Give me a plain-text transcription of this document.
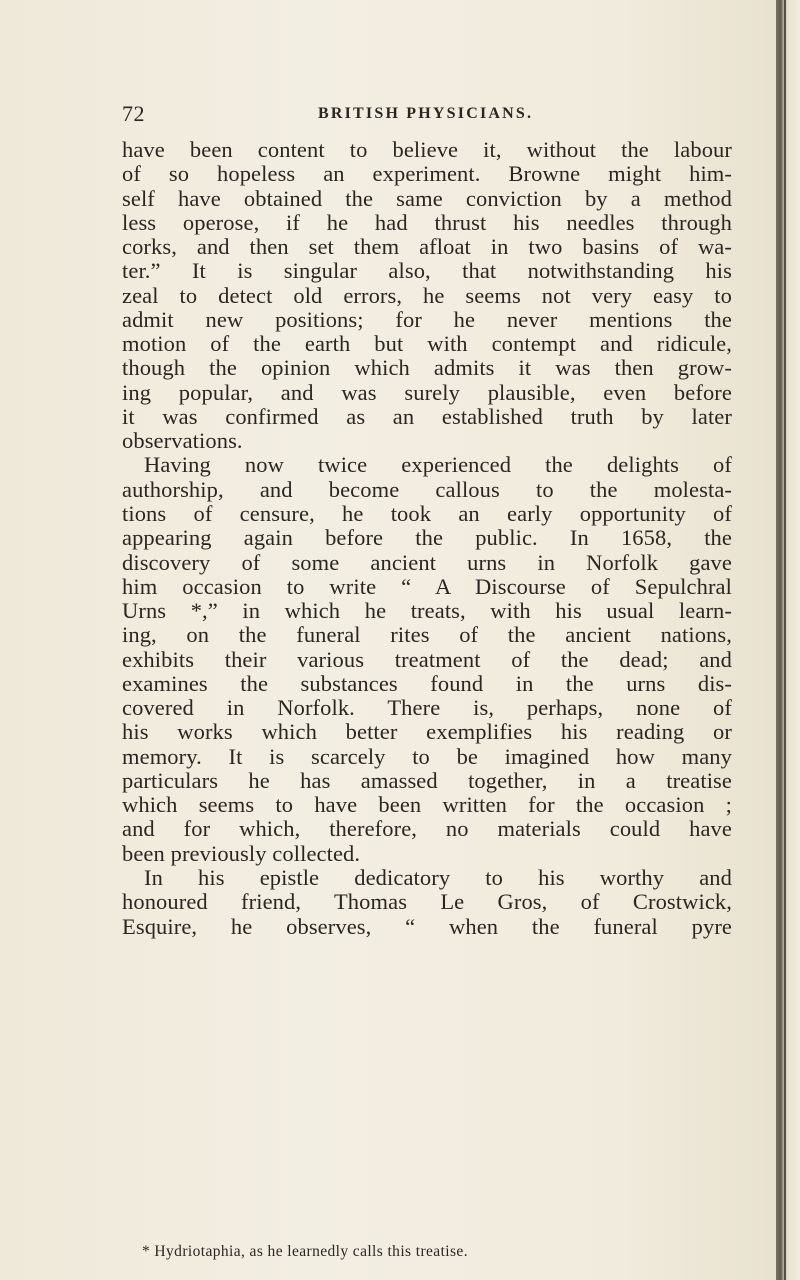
72	BRITISH PHYSICIANS.
have been content to believe it, without the labour
of so hopeless an experiment. Browne might him-
self have obtained the same conviction by a method
less operose, if he had thrust his needles through
corks, and then set them afloat in two basins of wa-
ter.” It is singular also, that notwithstanding his
zeal to detect old errors, he seems not very easy to
admit new positions; for he never mentions the
motion of the earth but with contempt and ridicule,
though the opinion which admits it was then grow-
ing popular, and was surely plausible, even before
it was confirmed as an established truth by later
observations.
Having now twice experienced the delights of
authorship, and become callous to the molesta-
tions of censure, he took an early opportunity of
appearing again before the public. In 1658, the
discovery of some ancient urns in Norfolk gave
him occasion to write “ A Discourse of Sepulchral
Urns *,” in which he treats, with his usual learn-
ing, on the funeral rites of the ancient nations,
exhibits their various treatment of the dead; and
examines the substances found in the urns dis-
covered in Norfolk. There is, perhaps, none of
his works which better exemplifies his reading or
memory. It is scarcely to be imagined how many
particulars he has amassed together, in a treatise
which seems to have been written for the occasion ;
and for which, therefore, no materials could have
been previously collected.
In his epistle dedicatory to his worthy and
honoured friend, Thomas Le Gros, of Crostwick,
Esquire, he observes, “ when the funeral pyre
* Hydriotaphia, as he learnedly calls this treatise.
